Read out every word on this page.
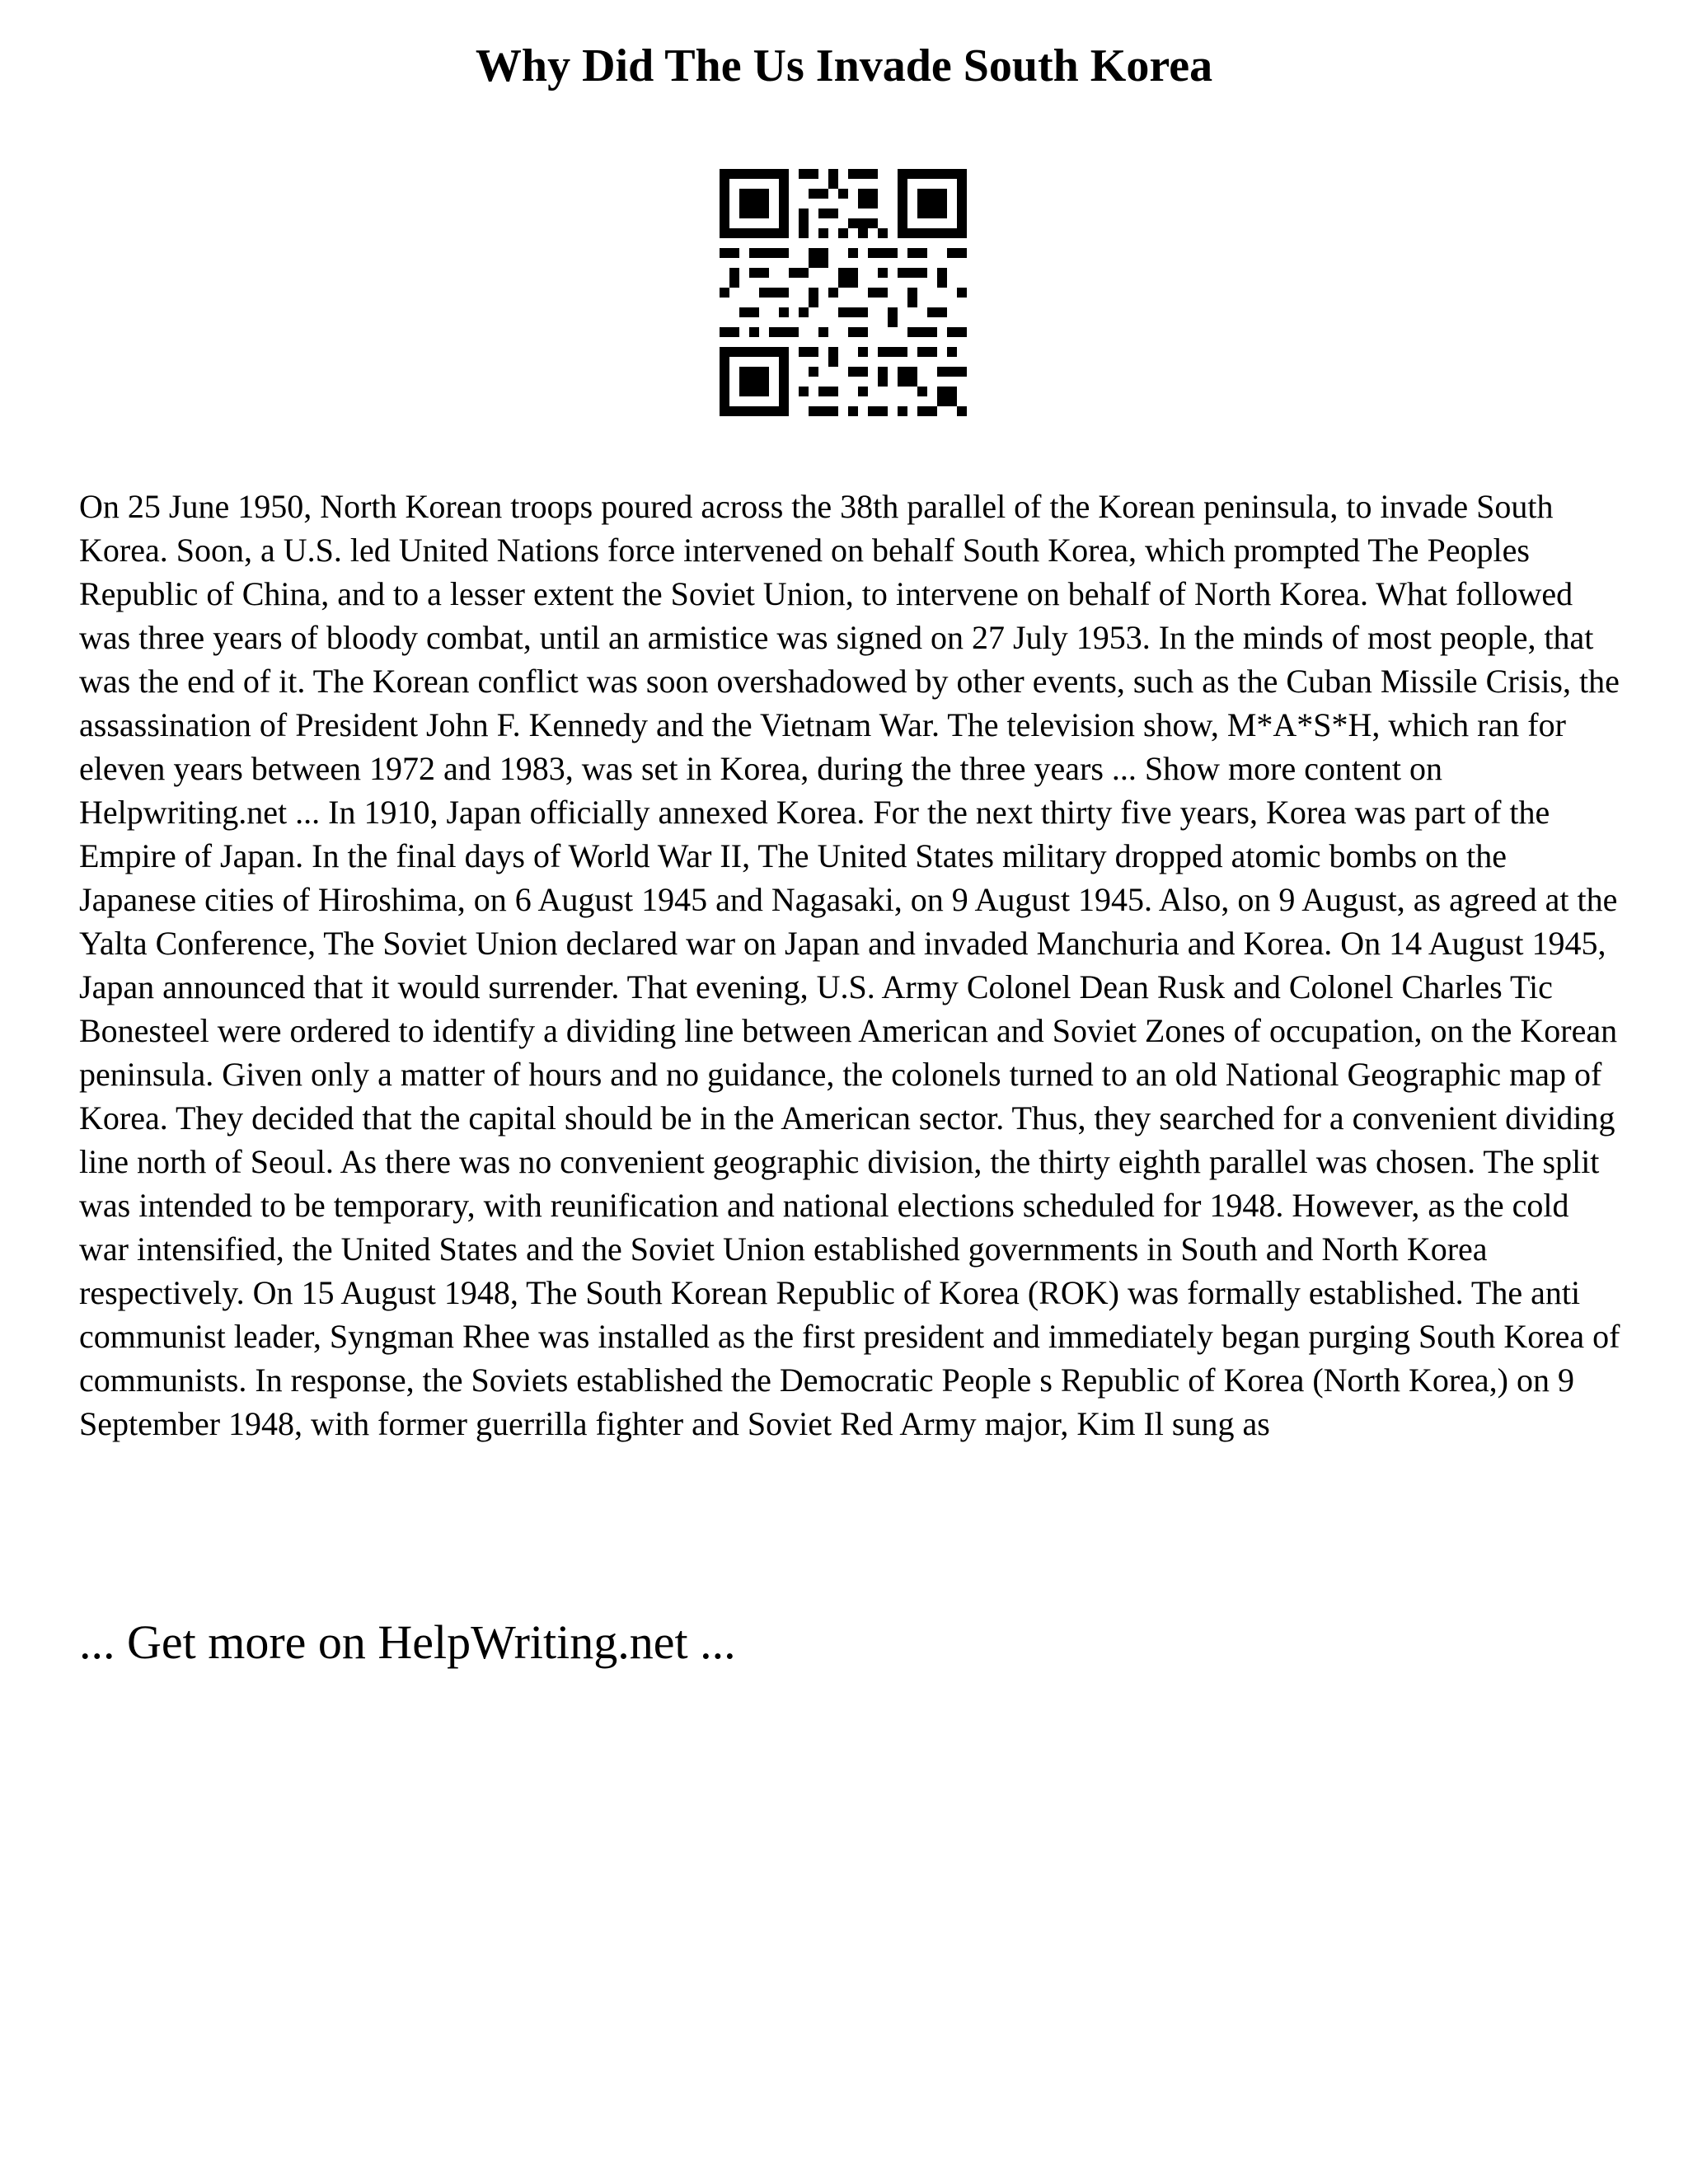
Why Did The Us Invade South Korea

On 25 June 1950, North Korean troops poured across the 38th parallel of the Korean peninsula, to invade South Korea. Soon, a U.S. led United Nations force intervened on behalf South Korea, which prompted The Peoples Republic of China, and to a lesser extent the Soviet Union, to intervene on behalf of North Korea. What followed was three years of bloody combat, until an armistice was signed on 27 July 1953. In the minds of most people, that was the end of it. The Korean conflict was soon overshadowed by other events, such as the Cuban Missile Crisis, the assassination of President John F. Kennedy and the Vietnam War. The television show, M*A*S*H, which ran for eleven years between 1972 and 1983, was set in Korea, during the three years ... Show more content on Helpwriting.net ... In 1910, Japan officially annexed Korea. For the next thirty five years, Korea was part of the Empire of Japan. In the final days of World War II, The United States military dropped atomic bombs on the Japanese cities of Hiroshima, on 6 August 1945 and Nagasaki, on 9 August 1945. Also, on 9 August, as agreed at the Yalta Conference, The Soviet Union declared war on Japan and invaded Manchuria and Korea. On 14 August 1945, Japan announced that it would surrender. That evening, U.S. Army Colonel Dean Rusk and Colonel Charles Tic Bonesteel were ordered to identify a dividing line between American and Soviet Zones of occupation, on the Korean peninsula. Given only a matter of hours and no guidance, the colonels turned to an old National Geographic map of Korea. They decided that the capital should be in the American sector. Thus, they searched for a convenient dividing line north of Seoul. As there was no convenient geographic division, the thirty eighth parallel was chosen. The split was intended to be temporary, with reunification and national elections scheduled for 1948. However, as the cold war intensified, the United States and the Soviet Union established governments in South and North Korea respectively. On 15 August 1948, The South Korean Republic of Korea (ROK) was formally established. The anti communist leader, Syngman Rhee was installed as the first president and immediately began purging South Korea of communists. In response, the Soviets established the Democratic People s Republic of Korea (North Korea,) on 9 September 1948, with former guerrilla fighter and Soviet Red Army major, Kim Il sung as

... Get more on HelpWriting.net ...
